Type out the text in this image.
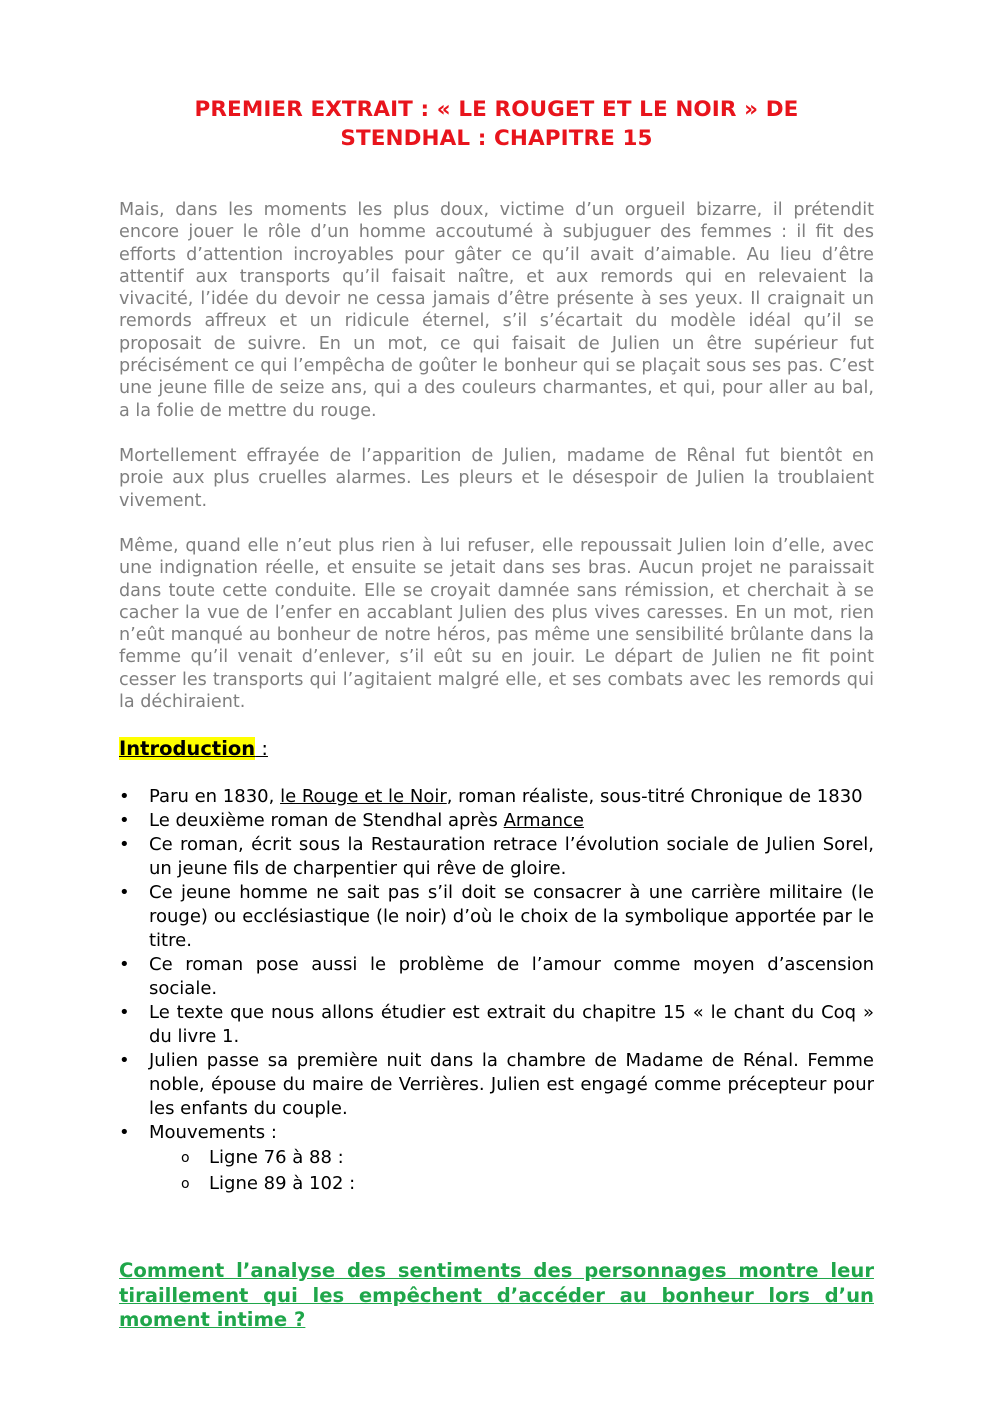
PREMIER EXTRAIT : « LE ROUGET ET LE NOIR » DE
STENDHAL : CHAPITRE 15

Mais, dans les moments les plus doux, victime d’un orgueil bizarre, il prétendit encore jouer le rôle d’un homme accoutumé à subjuguer des femmes : il fit des efforts d’attention incroyables pour gâter ce qu’il avait d’aimable. Au lieu d’être attentif aux transports qu’il faisait naître, et aux remords qui en relevaient la vivacité, l’idée du devoir ne cessa jamais d’être présente à ses yeux. Il craignait un remords affreux et un ridicule éternel, s’il s’écartait du modèle idéal qu’il se proposait de suivre. En un mot, ce qui faisait de Julien un être supérieur fut précisément ce qui l’empêcha de goûter le bonheur qui se plaçait sous ses pas. C’est une jeune fille de seize ans, qui a des couleurs charmantes, et qui, pour aller au bal, a la folie de mettre du rouge.

Mortellement effrayée de l’apparition de Julien, madame de Rênal fut bientôt en proie aux plus cruelles alarmes. Les pleurs et le désespoir de Julien la troublaient vivement.

Même, quand elle n’eut plus rien à lui refuser, elle repoussait Julien loin d’elle, avec une indignation réelle, et ensuite se jetait dans ses bras. Aucun projet ne paraissait dans toute cette conduite. Elle se croyait damnée sans rémission, et cherchait à se cacher la vue de l’enfer en accablant Julien des plus vives caresses. En un mot, rien n’eût manqué au bonheur de notre héros, pas même une sensibilité brûlante dans la femme qu’il venait d’enlever, s’il eût su en jouir. Le départ de Julien ne fit point cesser les transports qui l’agitaient malgré elle, et ses combats avec les remords qui la déchiraient.

Introduction :
• Paru en 1830, le Rouge et le Noir, roman réaliste, sous-titré Chronique de 1830
• Le deuxième roman de Stendhal après Armance
• Ce roman, écrit sous la Restauration retrace l’évolution sociale de Julien Sorel, un jeune fils de charpentier qui rêve de gloire.
• Ce jeune homme ne sait pas s’il doit se consacrer à une carrière militaire (le rouge) ou ecclésiastique (le noir) d’où le choix de la symbolique apportée par le titre.
• Ce roman pose aussi le problème de l’amour comme moyen d’ascension sociale.
• Le texte que nous allons étudier est extrait du chapitre 15 « le chant du Coq » du livre 1.
• Julien passe sa première nuit dans la chambre de Madame de Rénal. Femme noble, épouse du maire de Verrières. Julien est engagé comme précepteur pour les enfants du couple.
• Mouvements :
o Ligne 76 à 88 :
o Ligne 89 à 102 :

Comment l’analyse des sentiments des personnages montre leur tiraillement qui les empêchent d’accéder au bonheur lors d’un moment intime ?
